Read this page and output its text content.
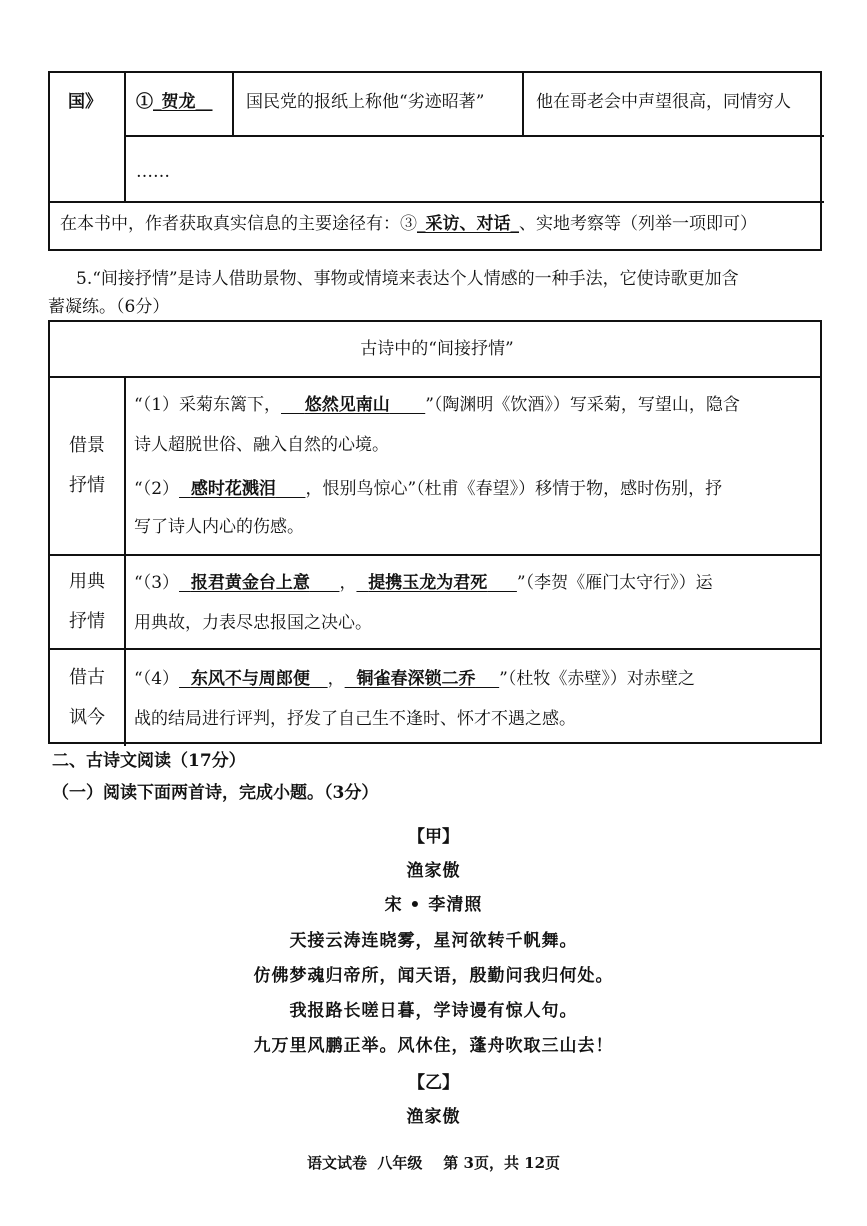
国》 ①_贺龙__ 国民党的报纸上称他“劣迹昭著”	他在哥老会中声望很高，同情穷人
……
在本书中，作者获取真实信息的主要途径有：③_采访、对话_、实地考察等（列举一项即可）
5.“间接抒情”是诗人借助景物、事物或情境来表达个人情感的一种手法，它使诗歌更加含
蓄凝练。（6分）
古诗中的“间接抒情”
借景
抒情
“（1）采菊东篱下， 悠然见南山 ”（陶渊明《饮酒》）写采菊，写望山，隐含
诗人超脱世俗、融入自然的心境。
“（2） 感时花溅泪 ，恨别鸟惊心”（杜甫《春望》）移情于物，感时伤别，抒
写了诗人内心的伤感。
用典
抒情
“（3） 报君黄金台上意 ， 提携玉龙为君死 ”（李贺《雁门太守行》）运
用典故，力表尽忠报国之决心。
借古
讽今
“（4） 东风不与周郎便 ， 铜雀春深锁二乔 ”（杜牧《赤壁》）对赤壁之
战的结局进行评判，抒发了自己生不逢时、怀才不遇之感。
二、古诗文阅读（17分）
（一）阅读下面两首诗，完成小题。（3分）
【甲】
渔家傲
宋 • 李清照
天接云涛连晓雾，星河欲转千帆舞。
仿佛梦魂归帝所，闻天语，殷勤问我归何处。
我报路长嗟日暮，学诗谩有惊人句。
九万里风鹏正举。风休住，蓬舟吹取三山去！
【乙】
渔家傲
语文试卷  八年级    第 3页，共 12页
